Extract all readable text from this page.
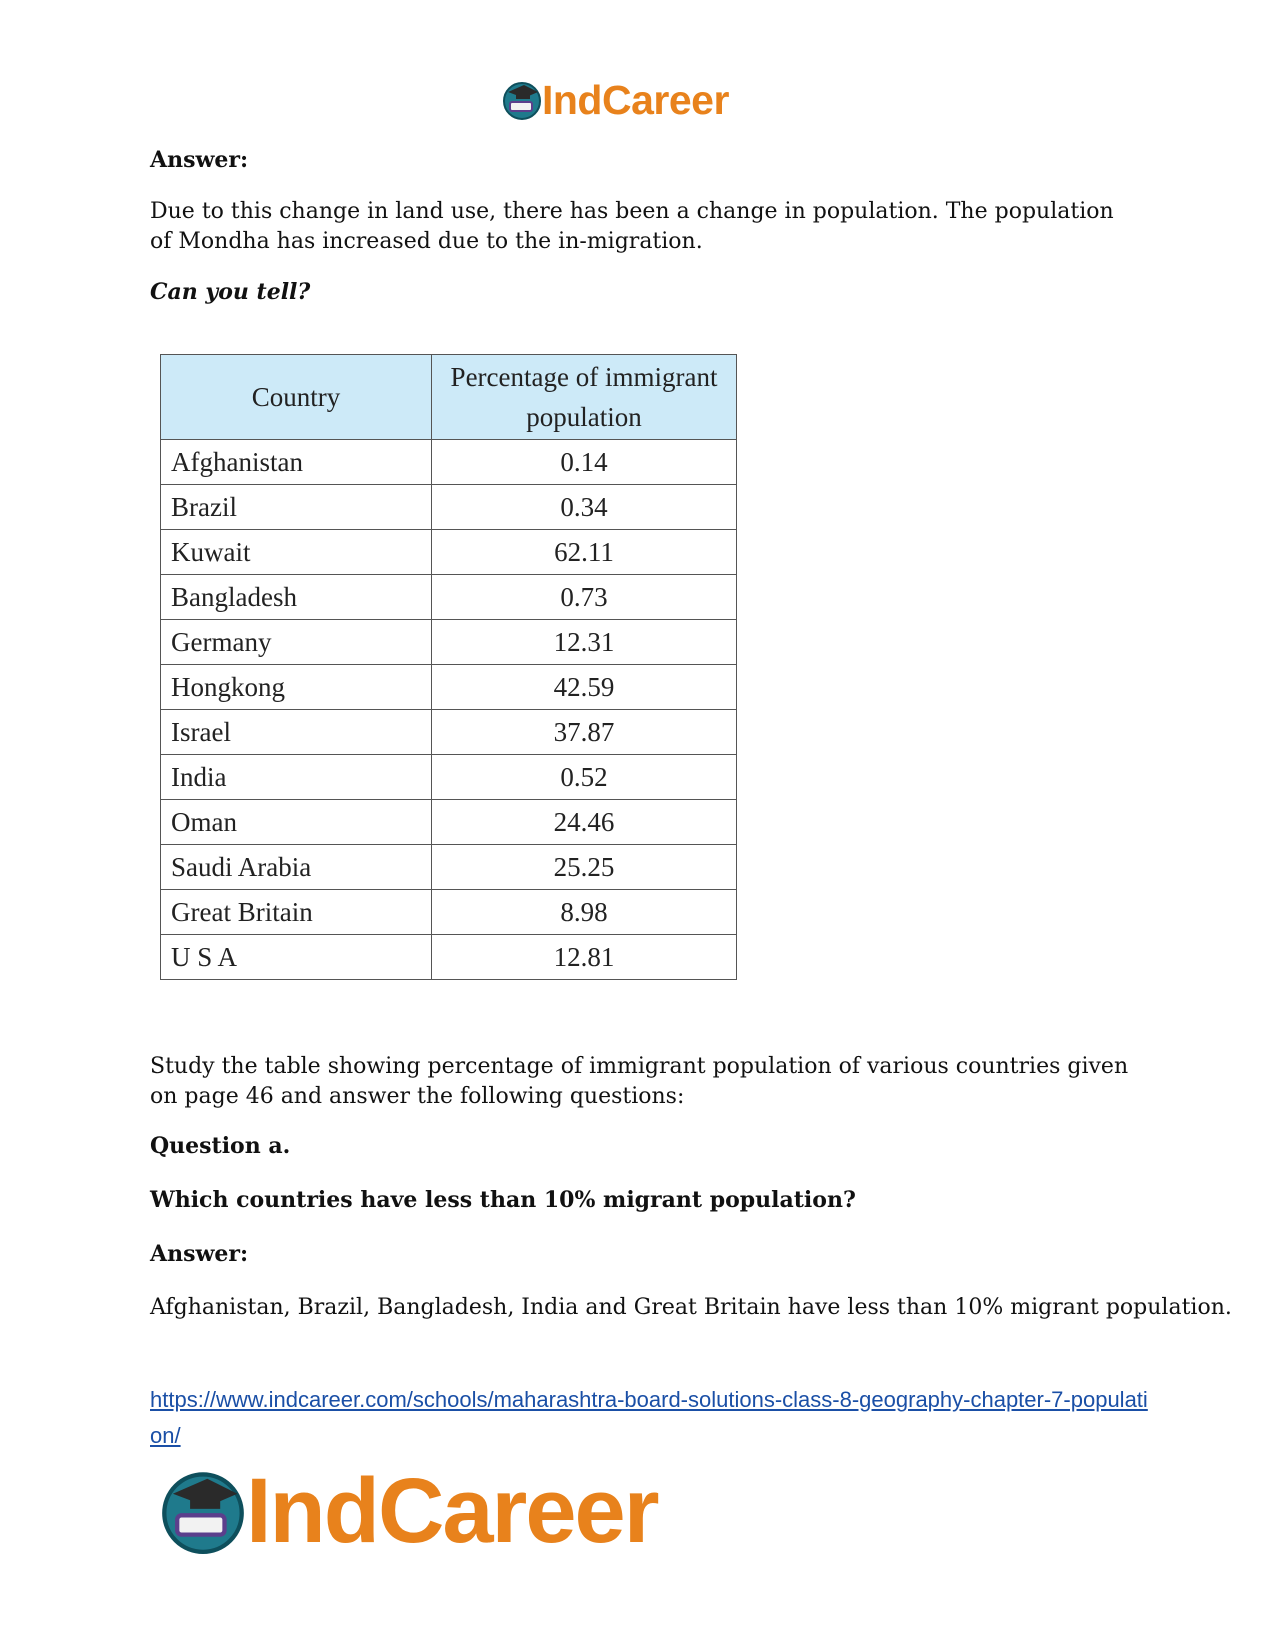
IndCareer
Answer:
Due to this change in land use, there has been a change in population. The population of Mondha has increased due to the in-migration.
Can you tell?
Country	Percentage of immigrant population
Afghanistan	0.14
Brazil	0.34
Kuwait	62.11
Bangladesh	0.73
Germany	12.31
Hongkong	42.59
Israel	37.87
India	0.52
Oman	24.46
Saudi Arabia	25.25
Great Britain	8.98
U S A	12.81
Study the table showing percentage of immigrant population of various countries given on page 46 and answer the following questions:
Question a.
Which countries have less than 10% migrant population?
Answer:
Afghanistan, Brazil, Bangladesh, India and Great Britain have less than 10% migrant population.
https://www.indcareer.com/schools/maharashtra-board-solutions-class-8-geography-chapter-7-population/
IndCareer
